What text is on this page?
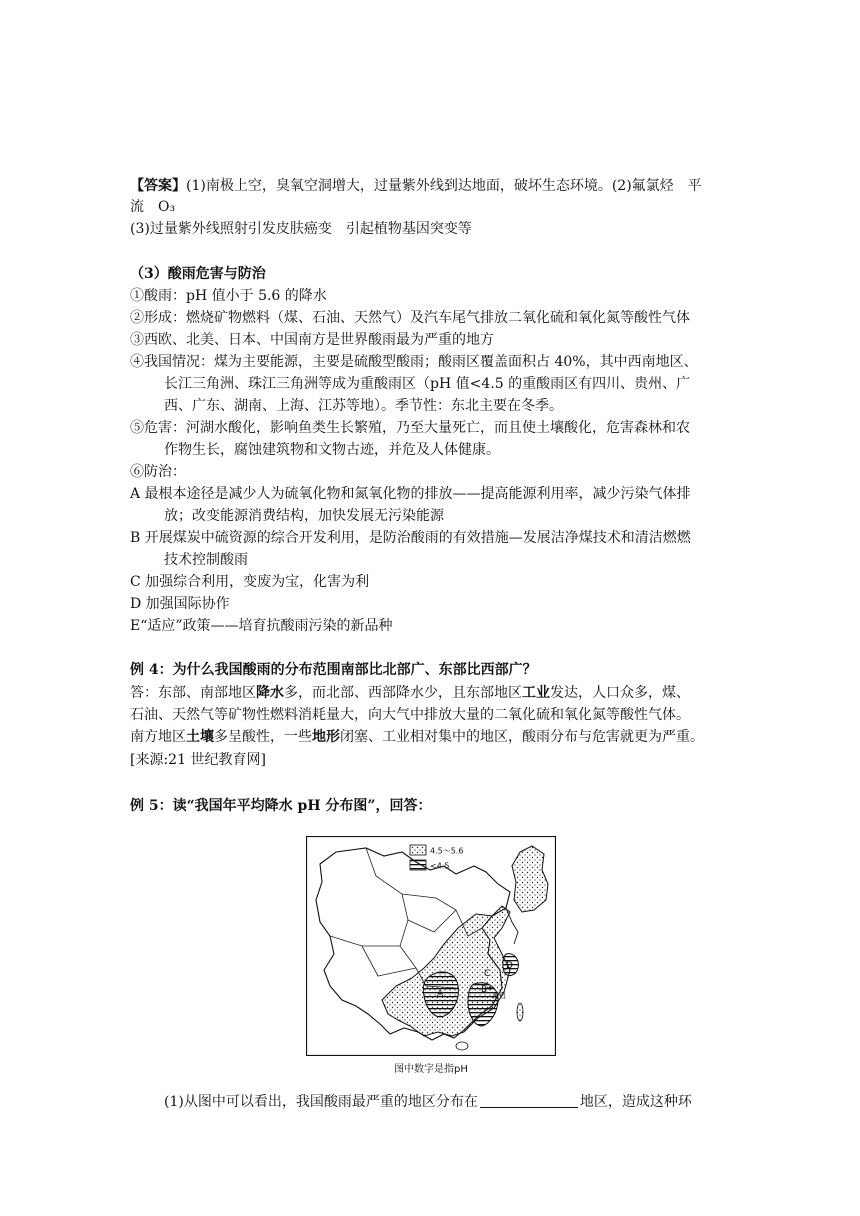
【答案】(1)南极上空，臭氧空洞增大，过量紫外线到达地面，破坏生态环境。(2)氟氯烃　平
流　O₃
(3)过量紫外线照射引发皮肤癌变　引起植物基因突变等
（3）酸雨危害与防治
①酸雨：pH 值小于 5.6 的降水
②形成：燃烧矿物燃料（煤、石油、天然气）及汽车尾气排放二氧化硫和氧化氮等酸性气体
③西欧、北美、日本、中国南方是世界酸雨最为严重的地方
④我国情况：煤为主要能源，主要是硫酸型酸雨；酸雨区覆盖面积占 40%，其中西南地区、
长江三角洲、珠江三角洲等成为重酸雨区（pH 值<4.5 的重酸雨区有四川、贵州、广
西、广东、湖南、上海、江苏等地）。季节性：东北主要在冬季。
⑤危害：河湖水酸化，影响鱼类生长繁殖，乃至大量死亡，而且使土壤酸化，危害森林和农
作物生长，腐蚀建筑物和文物古迹，并危及人体健康。
⑥防治：
A 最根本途径是减少人为硫氧化物和氮氧化物的排放——提高能源利用率，减少污染气体排
放；改变能源消费结构，加快发展无污染能源
B 开展煤炭中硫资源的综合开发利用，是防治酸雨的有效措施—发展洁净煤技术和清洁燃燃
技术控制酸雨
C 加强综合利用，变废为宝，化害为利
D 加强国际协作
E“适应”政策——培育抗酸雨污染的新品种
例 4：为什么我国酸雨的分布范围南部比北部广、东部比西部广？
答：东部、南部地区降水多，而北部、西部降水少，且东部地区工业发达，人口众多，煤、
石油、天然气等矿物性燃料消耗量大，向大气中排放大量的二氧化硫和氧化氮等酸性气体。
南方地区土壤多呈酸性，一些地形闭塞、工业相对集中的地区，酸雨分布与危害就更为严重。
[来源:21 世纪教育网]
例 5：读“我国年平均降水 pH 分布图”，回答：
4.5～5.6
<4.5
A	B
C
D
南昌
图中数字是指pH
(1)从图中可以看出，我国酸雨最严重的地区分布在	地区，造成这种环
